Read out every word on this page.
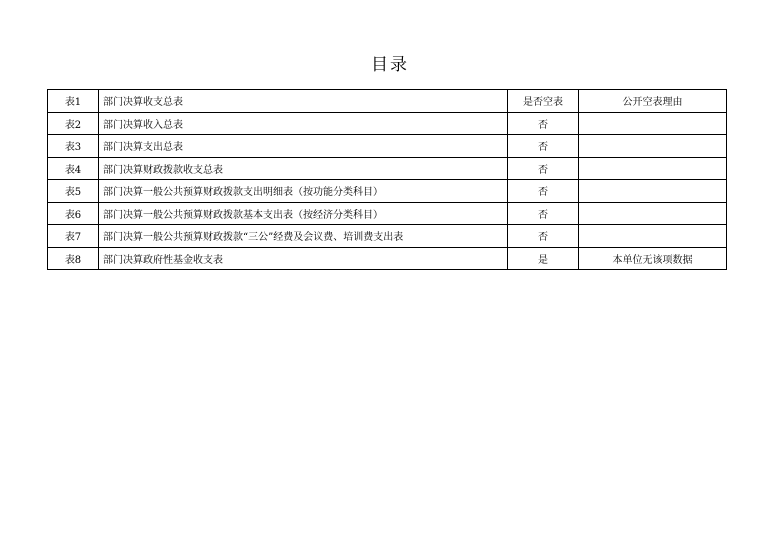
目录
表1	部门决算收支总表	是否空表	公开空表理由
表2	部门决算收入总表	否	
表3	部门决算支出总表	否	
表4	部门决算财政拨款收支总表	否	
表5	部门决算一般公共预算财政拨款支出明细表（按功能分类科目）	否	
表6	部门决算一般公共预算财政拨款基本支出表（按经济分类科目）	否	
表7	部门决算一般公共预算财政拨款“三公”经费及会议费、培训费支出表	否	
表8	部门决算政府性基金收支表	是	本单位无该项数据
